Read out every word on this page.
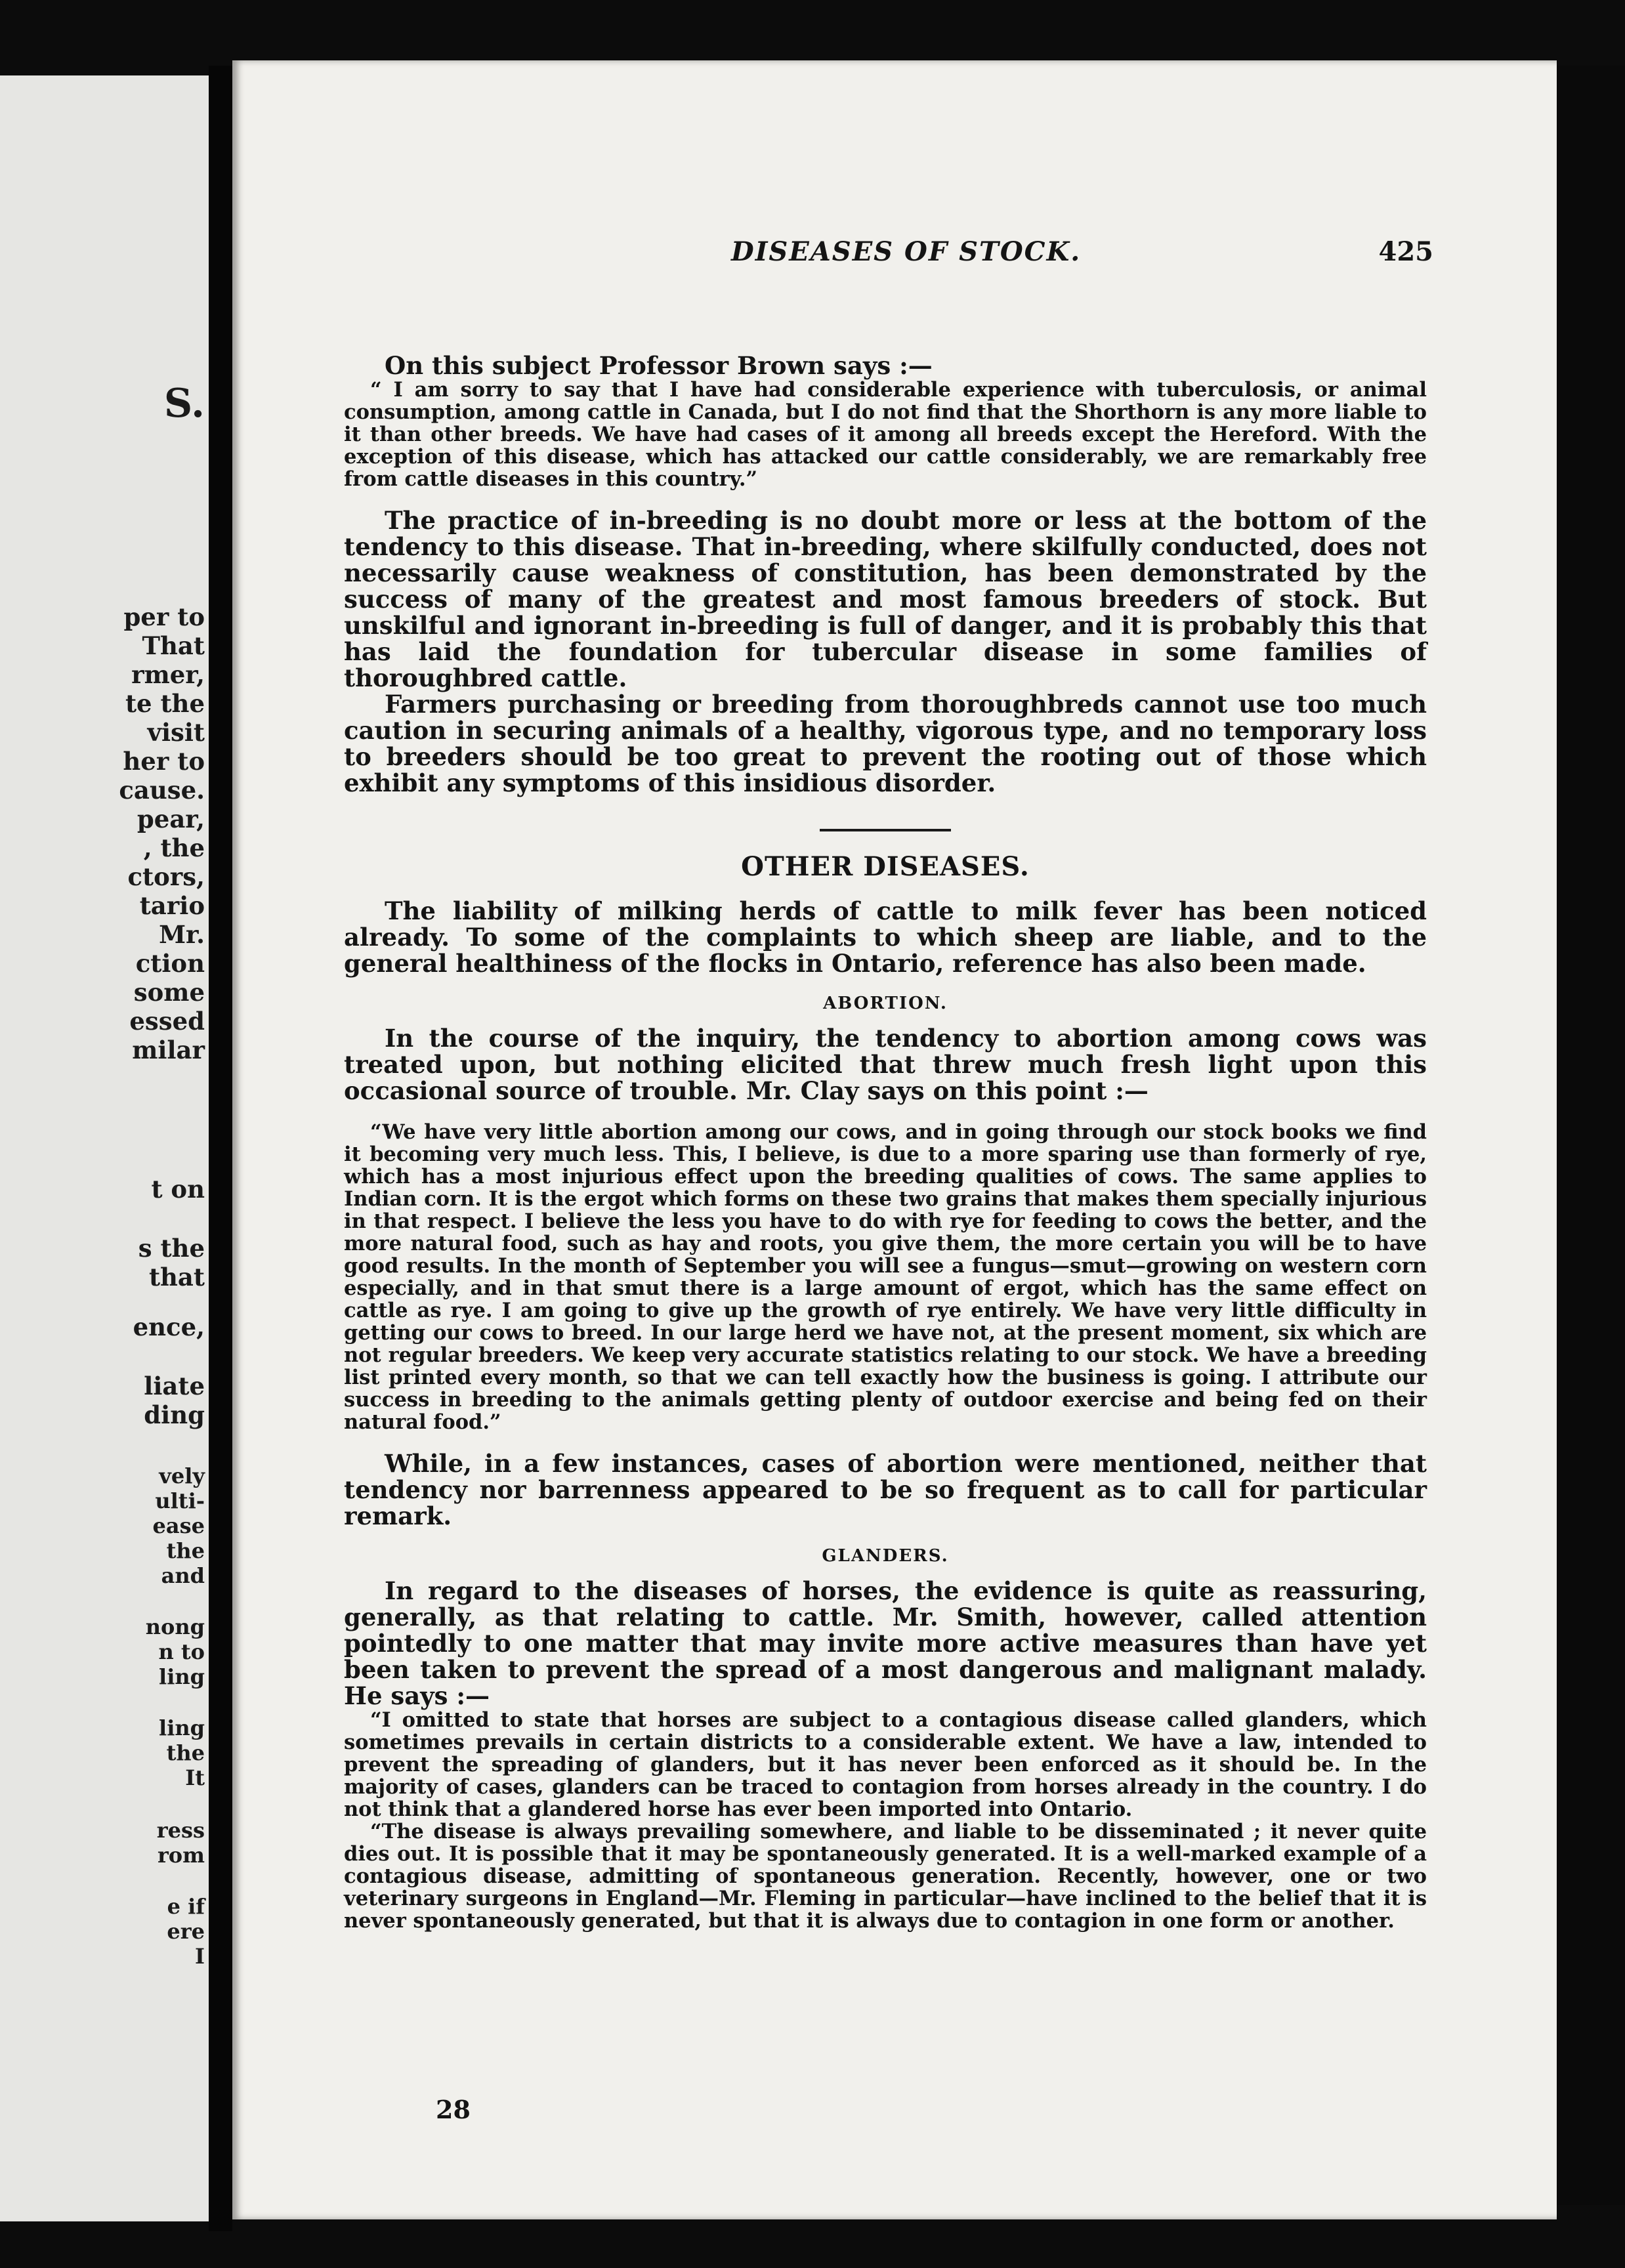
S.
per to
That
rmer,
te the
visit
her to
cause.
pear,
, the
ctors,
tario
Mr.
ction
some
essed
milar
t on
s the
that
ence,
liate
ding
vely
ulti-
ease
the
and
nong
n to
ling
ling
the
It
ress
rom
e if
ere
I
DISEASES OF STOCK.	425

On this subject Professor Brown says :—

“ I am sorry to say that I have had considerable experience with tuberculosis, or animal consumption, among cattle in Canada, but I do not find that the Shorthorn is any more liable to it than other breeds. We have had cases of it among all breeds except the Hereford. With the exception of this disease, which has attacked our cattle considerably, we are remarkably free from cattle diseases in this country.”

The practice of in-breeding is no doubt more or less at the bottom of the tendency to this disease. That in-breeding, where skilfully conducted, does not necessarily cause weakness of constitution, has been demonstrated by the success of many of the greatest and most famous breeders of stock. But unskilful and ignorant in-breeding is full of danger, and it is probably this that has laid the foundation for tubercular disease in some families of thoroughbred cattle.

Farmers purchasing or breeding from thoroughbreds cannot use too much caution in securing animals of a healthy, vigorous type, and no temporary loss to breeders should be too great to prevent the rooting out of those which exhibit any symptoms of this insidious disorder.

OTHER DISEASES.

The liability of milking herds of cattle to milk fever has been noticed already. To some of the complaints to which sheep are liable, and to the general healthiness of the flocks in Ontario, reference has also been made.

ABORTION.

In the course of the inquiry, the tendency to abortion among cows was treated upon, but nothing elicited that threw much fresh light upon this occasional source of trouble. Mr. Clay says on this point :—

“We have very little abortion among our cows, and in going through our stock books we find it becoming very much less. This, I believe, is due to a more sparing use than formerly of rye, which has a most injurious effect upon the breeding qualities of cows. The same applies to Indian corn. It is the ergot which forms on these two grains that makes them specially injurious in that respect. I believe the less you have to do with rye for feeding to cows the better, and the more natural food, such as hay and roots, you give them, the more certain you will be to have good results. In the month of September you will see a fungus—smut—growing on western corn especially, and in that smut there is a large amount of ergot, which has the same effect on cattle as rye. I am going to give up the growth of rye entirely. We have very little difficulty in getting our cows to breed. In our large herd we have not, at the present moment, six which are not regular breeders. We keep very accurate statistics relating to our stock. We have a breeding list printed every month, so that we can tell exactly how the business is going. I attribute our success in breeding to the animals getting plenty of outdoor exercise and being fed on their natural food.”

While, in a few instances, cases of abortion were mentioned, neither that tendency nor barrenness appeared to be so frequent as to call for particular remark.

GLANDERS.

In regard to the diseases of horses, the evidence is quite as reassuring, generally, as that relating to cattle. Mr. Smith, however, called attention pointedly to one matter that may invite more active measures than have yet been taken to prevent the spread of a most dangerous and malignant malady. He says :—

“I omitted to state that horses are subject to a contagious disease called glanders, which sometimes prevails in certain districts to a considerable extent. We have a law, intended to prevent the spreading of glanders, but it has never been enforced as it should be. In the majority of cases, glanders can be traced to contagion from horses already in the country. I do not think that a glandered horse has ever been imported into Ontario.

“The disease is always prevailing somewhere, and liable to be disseminated ; it never quite dies out. It is possible that it may be spontaneously generated. It is a well-marked example of a contagious disease, admitting of spontaneous generation. Recently, however, one or two veterinary surgeons in England—Mr. Fleming in particular—have inclined to the belief that it is never spontaneously generated, but that it is always due to contagion in one form or another.

28
